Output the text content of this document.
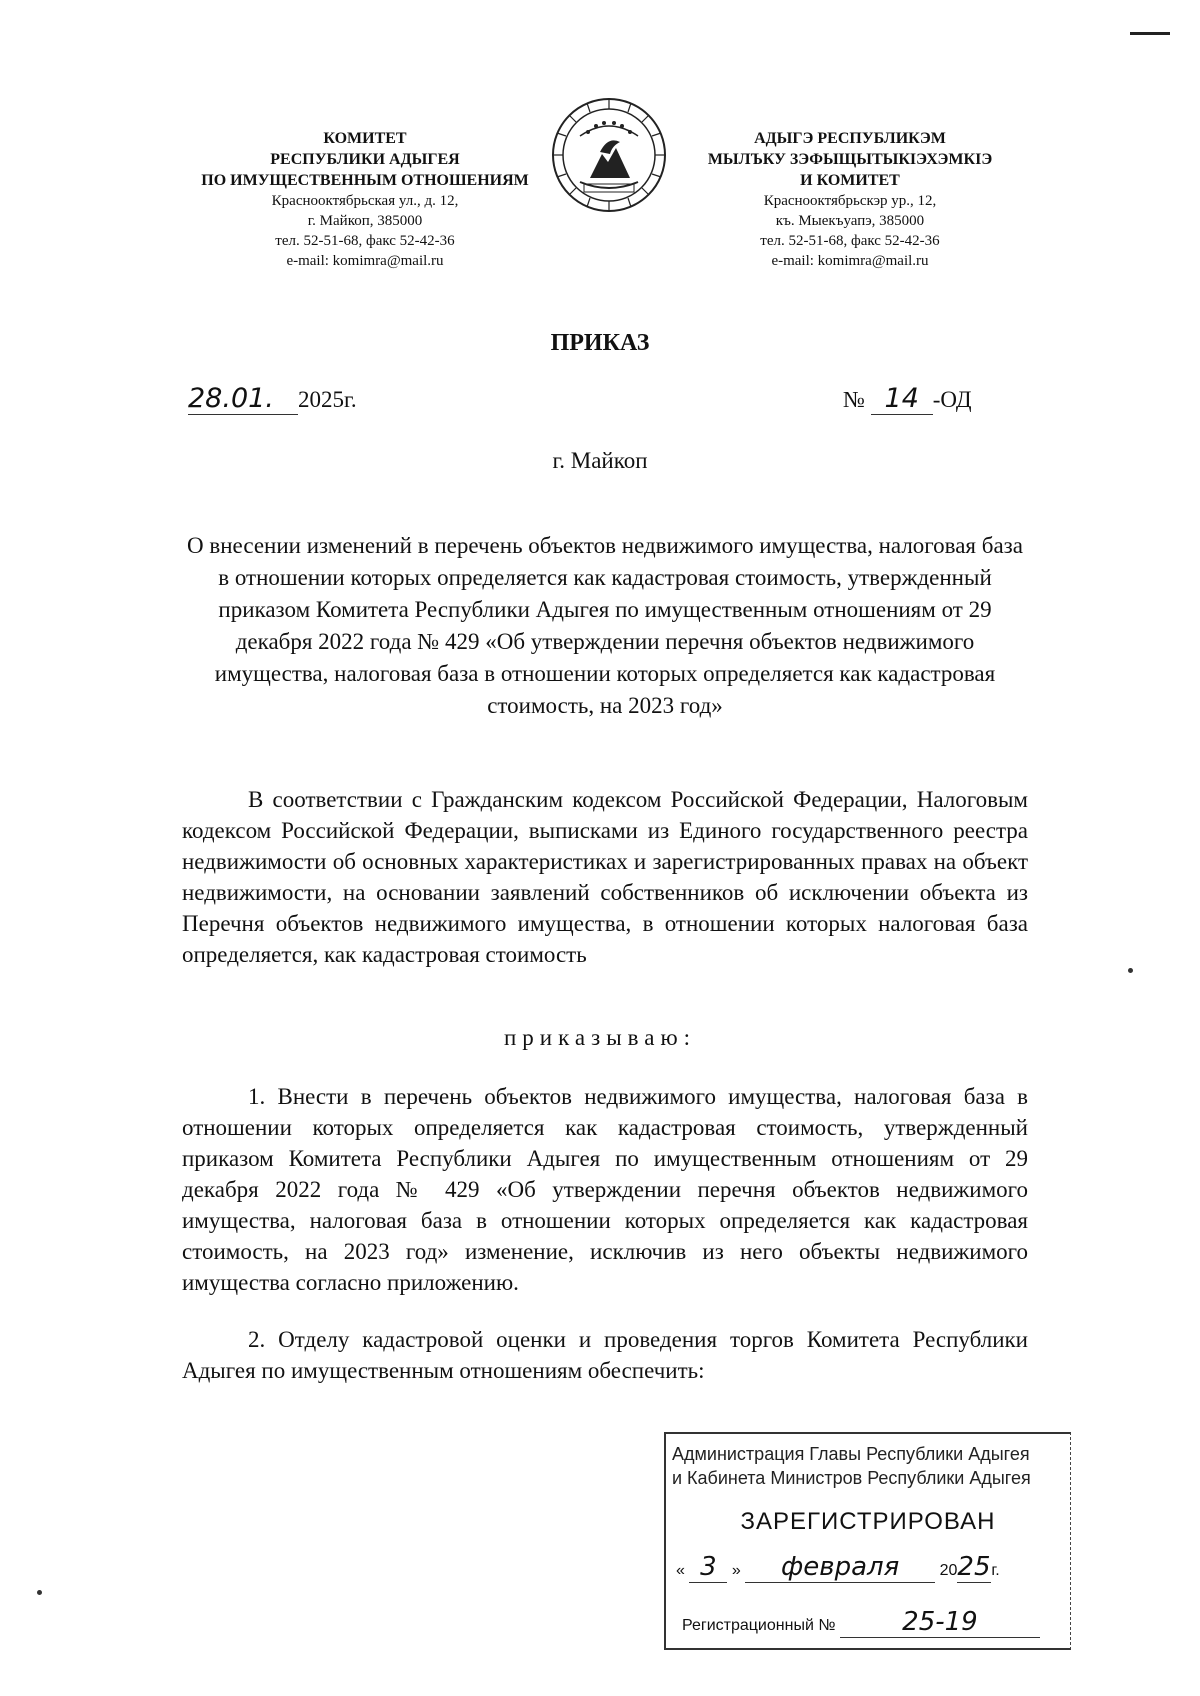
КОМИТЕТ
РЕСПУБЛИКИ АДЫГЕЯ
ПО ИМУЩЕСТВЕННЫМ ОТНОШЕНИЯМ
Краснооктябрьская ул., д. 12,
г. Майкоп, 385000
тел. 52-51-68, факс 52-42-36
e-mail: komimra@mail.ru
АДЫГЭ РЕСПУБЛИКЭМ
МЫЛЪКУ ЗЭФЫЩЫТЫКIЭХЭМКIЭ
И КОМИТЕТ
Краснооктябрьскэр ур., 12,
къ. Мыекъуапэ, 385000
тел. 52-51-68, факс 52-42-36
e-mail: komimra@mail.ru
ПРИКАЗ
28.01. 2025г.	№ 14 -ОД
г. Майкоп
О внесении изменений в перечень объектов недвижимого имущества, налоговая база в отношении которых определяется как кадастровая стоимость, утвержденный приказом Комитета Республики Адыгея по имущественным отношениям от 29 декабря 2022 года № 429 «Об утверждении перечня объектов недвижимого имущества, налоговая база в отношении которых определяется как кадастровая стоимость, на 2023 год»
В соответствии с Гражданским кодексом Российской Федерации, Налоговым кодексом Российской Федерации, выписками из Единого государственного реестра недвижимости об основных характеристиках и зарегистрированных правах на объект недвижимости, на основании заявлений собственников об исключении объекта из Перечня объектов недвижимого имущества, в отношении которых налоговая база определяется, как кадастровая стоимость
приказываю:
1. Внести в перечень объектов недвижимого имущества, налоговая база в отношении которых определяется как кадастровая стоимость, утвержденный приказом Комитета Республики Адыгея по имущественным отношениям от 29 декабря 2022 года № 429 «Об утверждении перечня объектов недвижимого имущества, налоговая база в отношении которых определяется как кадастровая стоимость, на 2023 год» изменение, исключив из него объекты недвижимого имущества согласно приложению.
2. Отделу кадастровой оценки и проведения торгов Комитета Республики Адыгея по имущественным отношениям обеспечить:
Администрация Главы Республики Адыгея
и Кабинета Министров Республики Адыгея
ЗАРЕГИСТРИРОВАН
« 3 » февраля	2025г.
Регистрационный №	25-19
